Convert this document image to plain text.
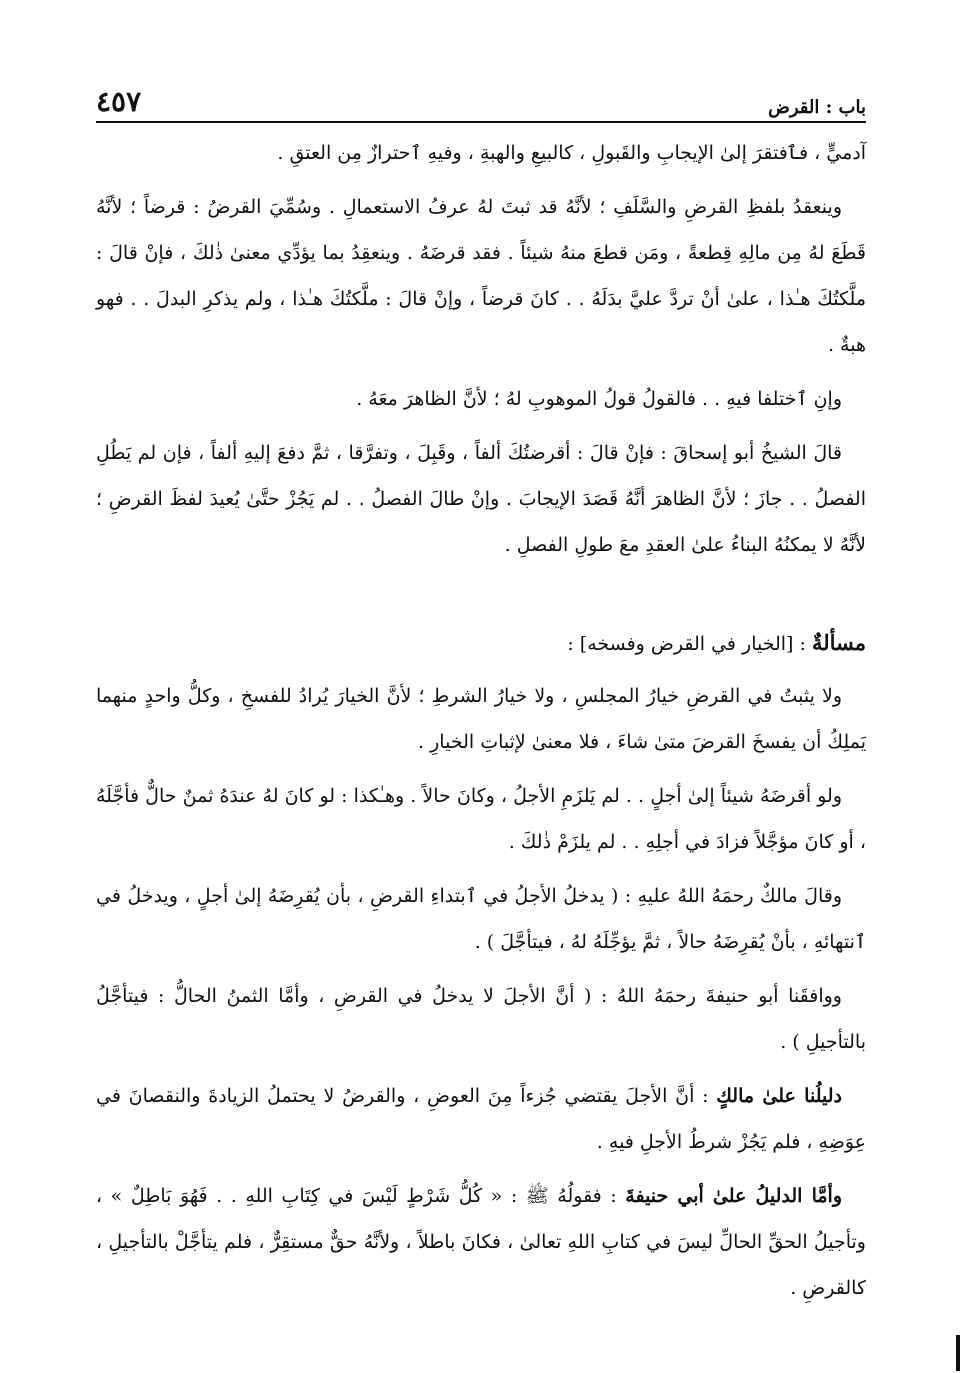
٤٥٧	باب : القرض

آدميٍّ ، فٱفتقرَ إلىٰ الإيجابِ والقَبولِ ، كالبيعِ والهبةِ ، وفيهِ ٱحترازٌ مِن العتقِ .

وينعقدُ بلفظِ القرضِ والسَّلَفِ ؛ لأنَّهُ قد ثبتَ لهُ عرفُ الاستعمالِ . وسُمِّيَ القرضُ : قرضاً ؛ لأنَّهُ قَطَعَ لهُ مِن مالِهِ قِطعةً ، ومَن قطعَ منهُ شيئاً . فقد قرضَهُ . وينعقِدُ بما يؤدِّي معنىٰ ذٰلكَ ، فإنْ قالَ : ملَّكتُكَ هـٰذا ، علىٰ أنْ تردَّ عليَّ بدَلَهُ . . كانَ قرضاً ، وإنْ قالَ : ملَّكتُكَ هـٰذا ، ولم يذكرِ البدلَ . . فهو هبةٌ .

وإنِ ٱختلفا فيهِ . . فالقولُ قولُ الموهوبِ لهُ ؛ لأنَّ الظاهرَ معَهُ .

قالَ الشيخُ أبو إسحاقَ : فإنْ قالَ : أقرضتُكَ ألفاً ، وقَبِلَ ، وتفرَّقا ، ثمَّ دفعَ إليهِ ألفاً ، فإن لم يَطُلِ الفصلُ . . جازَ ؛ لأنَّ الظاهرَ أنَّهُ قَصَدَ الإيجابَ . وإنْ طالَ الفصلُ . . لم يَجُزْ حتَّىٰ يُعيدَ لفظَ القرضِ ؛ لأنَّهُ لا يمكنُهُ البناءُ علىٰ العقدِ معَ طولِ الفصلِ .

مسألةٌ : [الخيار في القرض وفسخه] :

ولا يثبتُ في القرضِ خيارُ المجلسِ ، ولا خيارُ الشرطِ ؛ لأنَّ الخيارَ يُرادُ للفسخِ ، وكلُّ واحدٍ منهما يَملِكُ أن يفسخَ القرضَ متىٰ شاءَ ، فلا معنىٰ لإثباتِ الخيارِ .

ولو أقرضَهُ شيئاً إلىٰ أجلٍ . . لم يَلزَمِ الأجلُ ، وكانَ حالاً . وهـٰكذا : لو كانَ لهُ عندَهُ ثمنٌ حالٌّ فأجَّلَهُ ، أو كانَ مؤجَّلاً فزادَ في أجلِهِ . . لم يلزَمْ ذٰلكَ .

وقالَ مالكٌ رحمَهُ اللهُ عليهِ : ( يدخلُ الأجلُ في ٱبتداءِ القرضِ ، بأن يُقرِضَهُ إلىٰ أجلٍ ، ويدخلُ في ٱنتهائهِ ، بأنْ يُقرِضَهُ حالاً ، ثمَّ يؤجِّلَهُ لهُ ، فيتأجَّلَ ) .

ووافقَنا أبو حنيفةَ رحمَهُ اللهُ : ( أنَّ الأجلَ لا يدخلُ في القرضِ ، وأمَّا الثمنُ الحالُّ : فيتأجَّلُ بالتأجيلِ ) .

دليلُنا علىٰ مالكٍ : أنَّ الأجلَ يقتضي جُزءاً مِنَ العوضِ ، والقرضُ لا يحتملُ الزيادةَ والنقصانَ في عِوَضِهِ ، فلم يَجُزْ شرطُ الأجلِ فيهِ .

وأمَّا الدليلُ علىٰ أبي حنيفةَ : فقولُهُ ﷺ : « كُلُّ شَرْطٍ لَيْسَ في كِتَابِ اللهِ . . فَهُوَ بَاطِلٌ » ، وتأجيلُ الحقِّ الحالِّ ليسَ في كتابِ اللهِ تعالىٰ ، فكانَ باطلاً ، ولأنَّهُ حقٌّ مستقِرٌّ ، فلم يتأجَّلْ بالتأجيلِ ، كالقرضِ .
